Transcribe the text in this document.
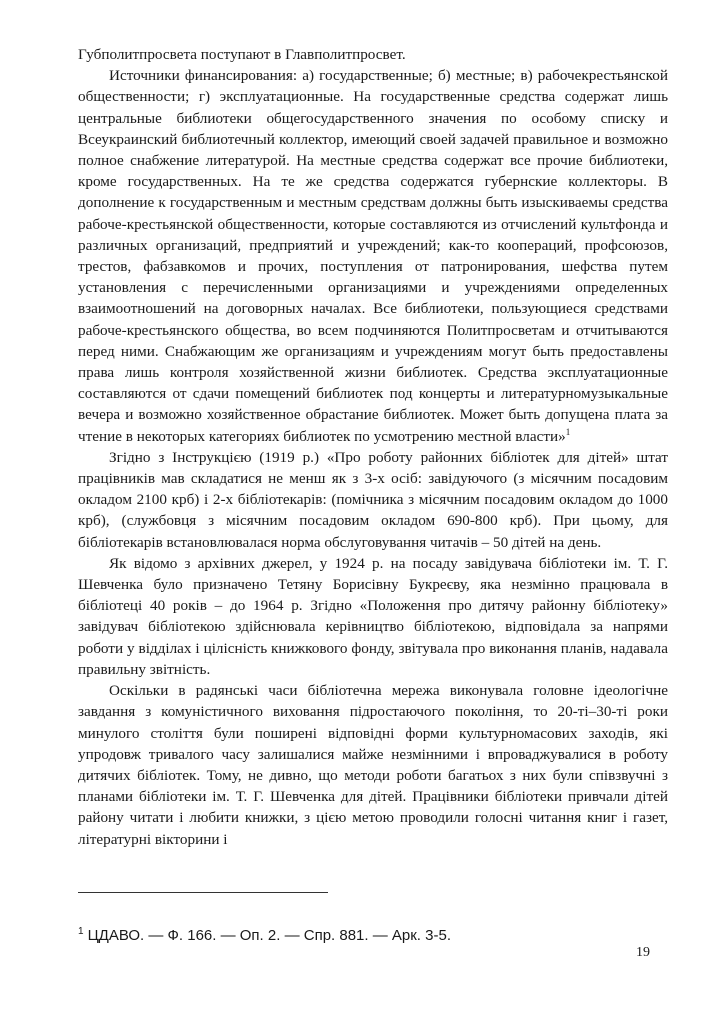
Губполитпросвета поступают в Главполитпросвет.

Источники финансирования: а) государственные; б) местные; в) рабочекрестьянской общественности; г) эксплуатационные. На государственные средства содержат лишь центральные библиотеки общегосударственного значения по особому списку и Всеукраинский библиотечный коллектор, имеющий своей задачей правильное и возможно полное снабжение литературой. На местные средства содержат все прочие библиотеки, кроме государственных. На те же средства содержатся губернские коллекторы. В дополнение к государственным и местным средствам должны быть изыскиваемы средства рабоче-крестьянской общественности, которые составляются из отчислений культфонда и различных организаций, предприятий и учреждений; как-то коопераций, профсоюзов, трестов, фабзавкомов и прочих, поступления от патронирования, шефства путем установления с перечисленными организациями и учреждениями определенных взаимоотношений на договорных началах. Все библиотеки, пользующиеся средствами рабоче-крестьянского общества, во всем подчиняются Политпросветам и отчитываются перед ними. Снабжающим же организациям и учреждениям могут быть предоставлены права лишь контроля хозяйственной жизни библиотек. Средства эксплуатационные составляются от сдачи помещений библиотек под концерты и литературномузыкальные вечера и возможно хозяйственное обрастание библиотек. Может быть допущена плата за чтение в некоторых категориях библиотек по усмотрению местной власти»$^1$

Згідно з Інструкцією (1919 р.) «Про роботу районних бібліотек для дітей» штат працівників мав складатися не менш як з 3-х осіб: завідуючого (з місячним посадовим окладом 2100 крб) і 2-х бібліотекарів: (помічника з місячним посадовим окладом до 1000 крб), (службовця з місячним посадовим окладом 690-800 крб). При цьому, для бібліотекарів встановлювалася норма обслуговування читачів – 50 дітей на день.

Як відомо з архівних джерел, у 1924 р. на посаду завідувача бібліотеки ім. Т. Г. Шевченка було призначено Тетяну Борисівну Букреєву, яка незмінно працювала в бібліотеці 40 років – до 1964 р. Згідно «Положення про дитячу районну бібліотеку» завідувач бібліотекою здійснювала керівництво бібліотекою, відповідала за напрями роботи у відділах і цілісність книжкового фонду, звітувала про виконання планів, надавала правильну звітність.

Оскільки в радянські часи бібліотечна мережа виконувала головне ідеологічне завдання з комуністичного виховання підростаючого покоління, то 20-ті–30-ті роки минулого століття були поширені відповідні форми культурномасових заходів, які упродовж тривалого часу залишалися майже незмінними і впроваджувалися в роботу дитячих бібліотек. Тому, не дивно, що методи роботи багатьох з них були співзвучні з планами бібліотеки ім. Т. Г. Шевченка для дітей. Працівники бібліотеки привчали дітей району читати і любити книжки, з цією метою проводили голосні читання книг і газет, літературні вікторини і

$^1$ ЦДАВО. — Ф. 166. — Оп. 2. — Спр. 881. — Арк. 3-5.
19
